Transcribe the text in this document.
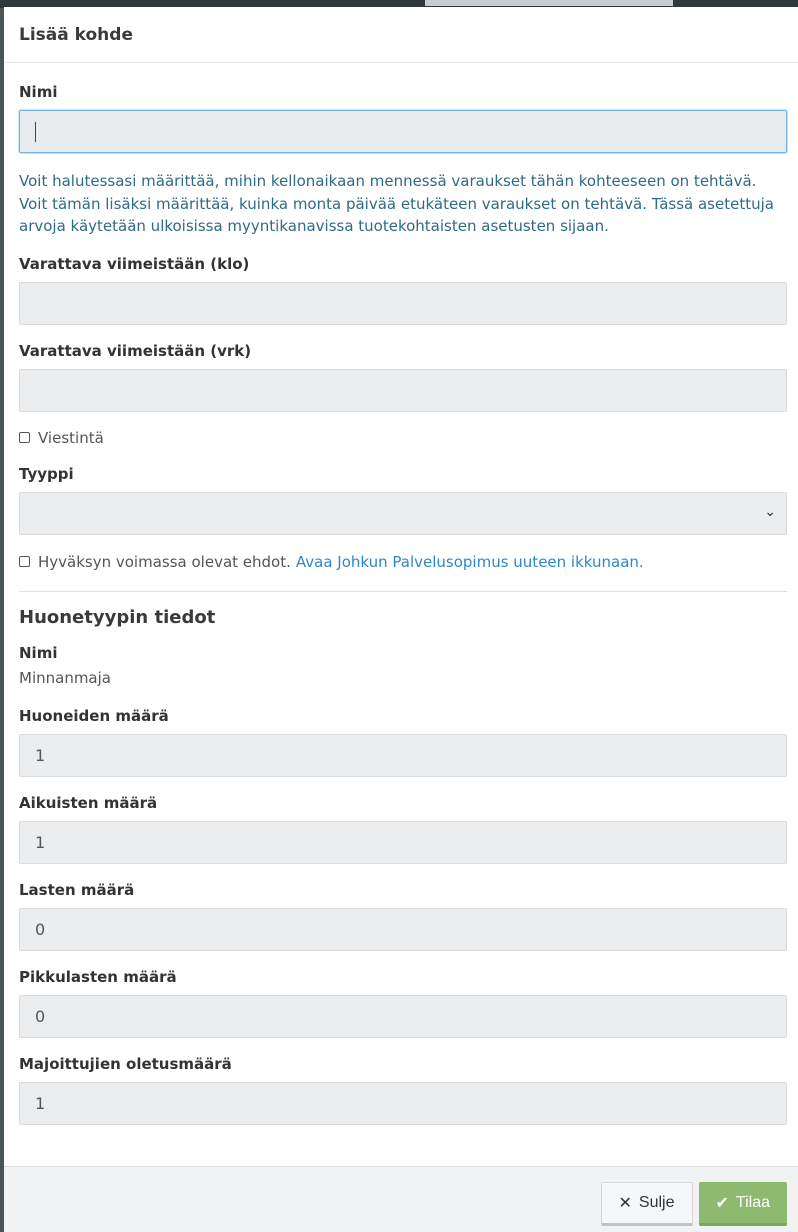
Lisää kohde
Nimi
Voit halutessasi määrittää, mihin kellonaikaan mennessä varaukset tähän kohteeseen on tehtävä. Voit tämän lisäksi määrittää, kuinka monta päivää etukäteen varaukset on tehtävä. Tässä asetettuja arvoja käytetään ulkoisissa myyntikanavissa tuotekohtaisten asetusten sijaan.
Varattava viimeistään (klo)
Varattava viimeistään (vrk)
Viestintä
Tyyppi
⌄
Hyväksyn voimassa olevat ehdot. Avaa Johkun Palvelusopimus uuteen ikkunaan.
Huonetyypin tiedot
Nimi
Minnanmaja
Huoneiden määrä
1
Aikuisten määrä
1
Lasten määrä
0
Pikkulasten määrä
0
Majoittujien oletusmäärä
1
✕ Sulje	✔ Tilaa
